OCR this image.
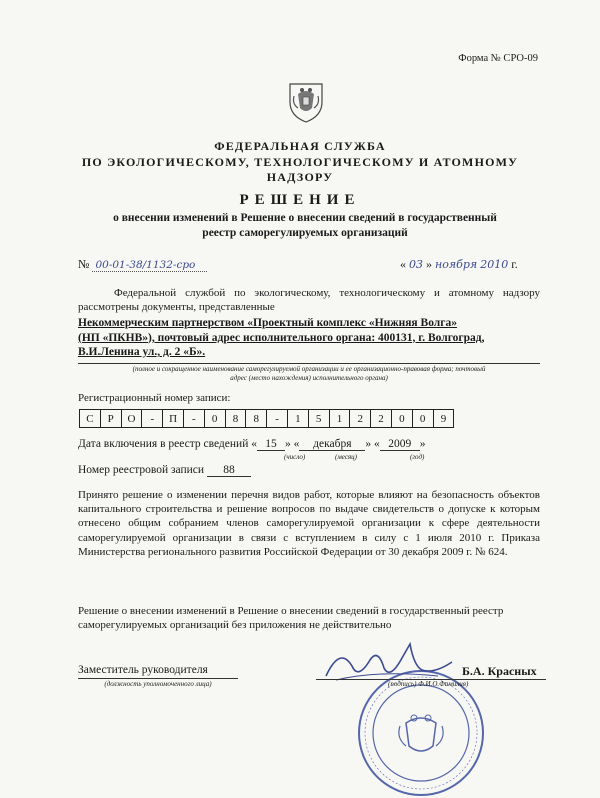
Форма № СРО-09
ФЕДЕРАЛЬНАЯ СЛУЖБА
ПО ЭКОЛОГИЧЕСКОМУ, ТЕХНОЛОГИЧЕСКОМУ И АТОМНОМУ
НАДЗОРУ
РЕШЕНИЕ
о внесении изменений в Решение о внесении сведений в государственный
реестр саморегулируемых организаций
№ 00-01-38/1132-сро	« 03 » ноября 2010 г.
Федеральной службой по экологическому, технологическому и атомному надзору рассмотрены документы, представленные
Некоммерческим партнерством «Проектный комплекс «Нижняя Волга»
(НП «ПКНВ»), почтовый адрес исполнительного органа: 400131, г. Волгоград,
В.И.Ленина ул., д. 2 «Б».
(полное и сокращенное наименование саморегулируемой организации и ее организационно-правовая форма; почтовый
адрес (место нахождения) исполнительного органа)
Регистрационный номер записи:
С	Р	О	-	П	-	0	8	8	-	1	5	1	2	2	0	0	9
Дата включения в реестр сведений « 15 » « декабря » « 2009 »
(число)	(месяц)	(год)
Номер реестровой записи 88
Принято решение о изменении перечня видов работ, которые влияют на безопасность объектов капитального строительства и решение вопросов по выдаче свидетельств о допуске к которым отнесено общим собранием членов саморегулируемой организации к сфере деятельности саморегулируемой организации в связи с вступлением в силу с 1 июля 2010 г. Приказа Министерства регионального развития Российской Федерации от 30 декабря 2009 г. № 624.
Решение о внесении изменений в Решение о внесении сведений в государственный реестр саморегулируемых организаций без приложения не действительно
Заместитель руководителя
(должность уполномоченного лица)
Б.А. Красных
(подпись) Ф.И.О.Фамилия)
